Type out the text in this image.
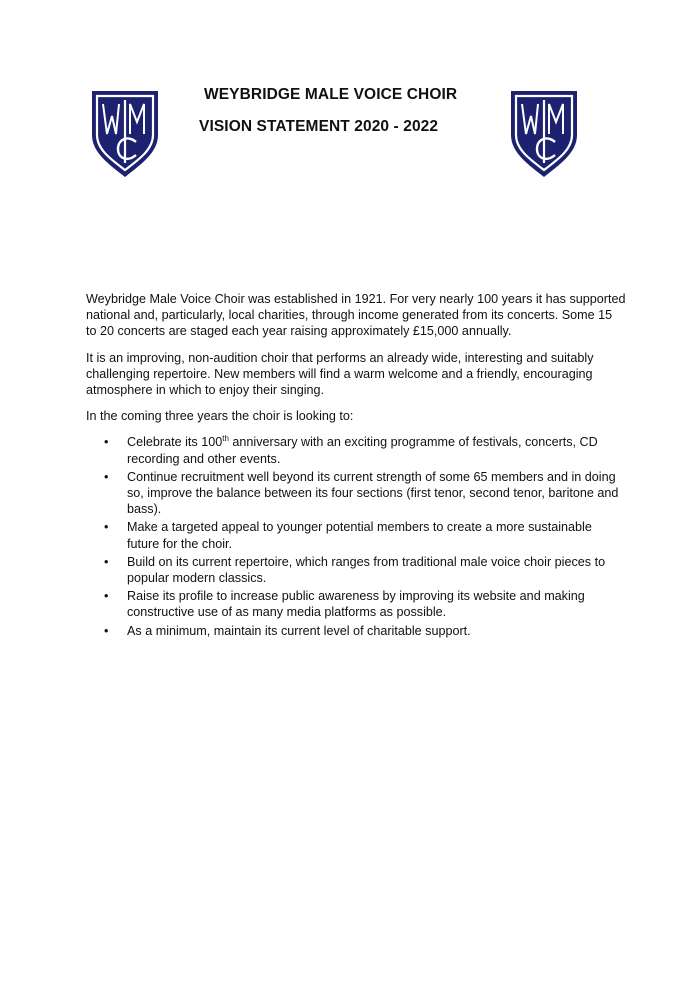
WEYBRIDGE MALE VOICE CHOIR
VISION STATEMENT 2020 - 2022

Weybridge Male Voice Choir was established in 1921. For very nearly 100 years it has supported national and, particularly, local charities, through income generated from its concerts. Some 15 to 20 concerts are staged each year raising approximately £15,000 annually.

It is an improving, non-audition choir that performs an already wide, interesting and suitably challenging repertoire. New members will find a warm welcome and a friendly, encouraging atmosphere in which to enjoy their singing.

In the coming three years the choir is looking to:

• Celebrate its 100th anniversary with an exciting programme of festivals, concerts, CD recording and other events.
• Continue recruitment well beyond its current strength of some 65 members and in doing so, improve the balance between its four sections (first tenor, second tenor, baritone and bass).
• Make a targeted appeal to younger potential members to create a more sustainable future for the choir.
• Build on its current repertoire, which ranges from traditional male voice choir pieces to popular modern classics.
• Raise its profile to increase public awareness by improving its website and making constructive use of as many media platforms as possible.
• As a minimum, maintain its current level of charitable support.
